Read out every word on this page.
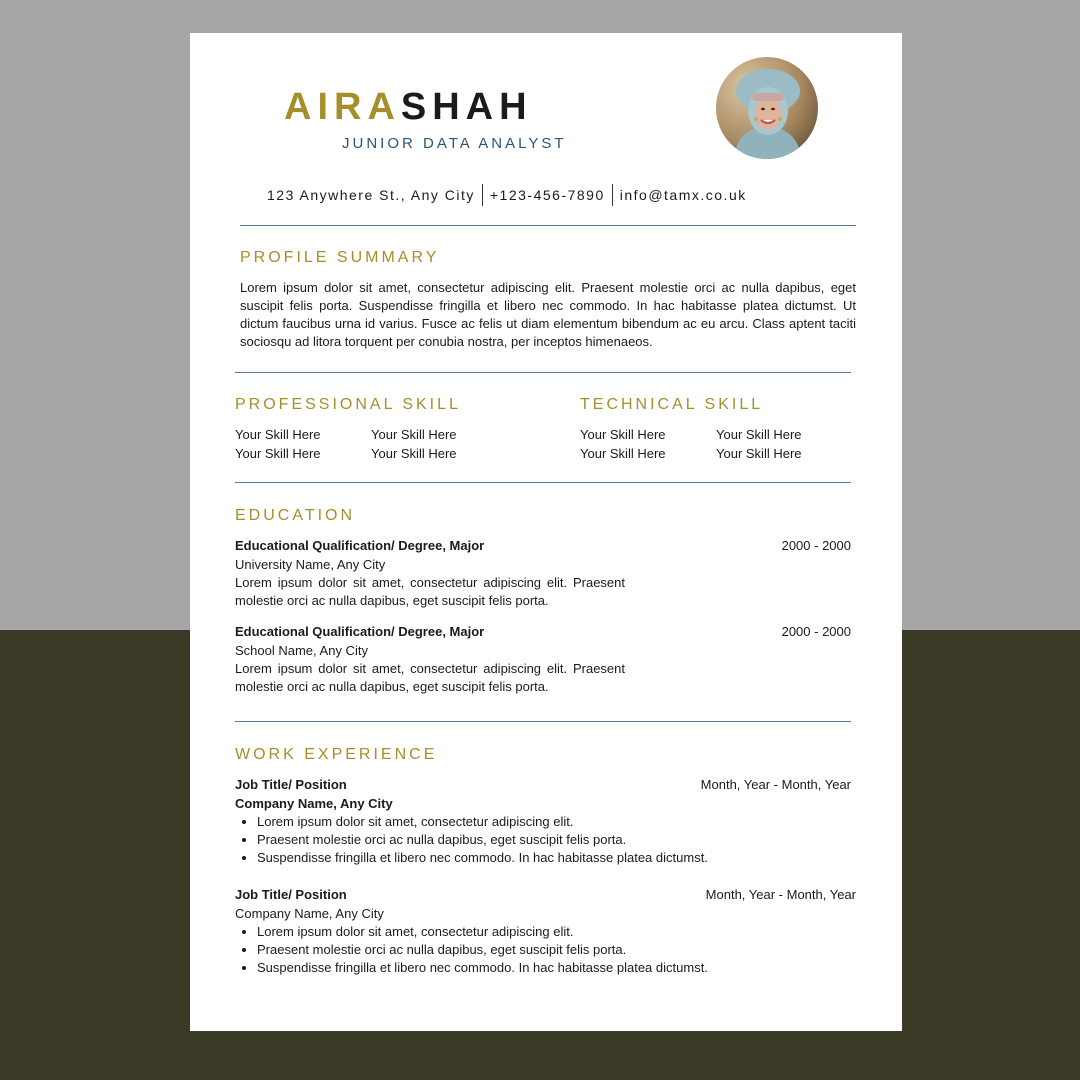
AIRASHAH
JUNIOR DATA ANALYST
123 Anywhere St., Any City +123-456-7890 info@tamx.co.uk
PROFILE SUMMARY
Lorem ipsum dolor sit amet, consectetur adipiscing elit. Praesent molestie orci ac nulla dapibus, eget suscipit felis porta. Suspendisse fringilla et libero nec commodo. In hac habitasse platea dictumst. Ut dictum faucibus urna id varius. Fusce ac felis ut diam elementum bibendum ac eu arcu. Class aptent taciti sociosqu ad litora torquent per conubia nostra, per inceptos himenaeos.
PROFESSIONAL SKILL
Your Skill Here	Your Skill Here
Your Skill Here	Your Skill Here
TECHNICAL SKILL
Your Skill Here	Your Skill Here
Your Skill Here	Your Skill Here
EDUCATION
Educational Qualification/ Degree, Major	2000 - 2000
University Name, Any City
Lorem ipsum dolor sit amet, consectetur adipiscing elit. Praesent molestie orci ac nulla dapibus, eget suscipit felis porta.
Educational Qualification/ Degree, Major	2000 - 2000
School Name, Any City
Lorem ipsum dolor sit amet, consectetur adipiscing elit. Praesent molestie orci ac nulla dapibus, eget suscipit felis porta.
WORK EXPERIENCE
Job Title/ Position	Month, Year - Month, Year
Company Name, Any City
• Lorem ipsum dolor sit amet, consectetur adipiscing elit.
• Praesent molestie orci ac nulla dapibus, eget suscipit felis porta.
• Suspendisse fringilla et libero nec commodo. In hac habitasse platea dictumst.
Job Title/ Position	Month, Year - Month, Year
Company Name, Any City
• Lorem ipsum dolor sit amet, consectetur adipiscing elit.
• Praesent molestie orci ac nulla dapibus, eget suscipit felis porta.
• Suspendisse fringilla et libero nec commodo. In hac habitasse platea dictumst.
